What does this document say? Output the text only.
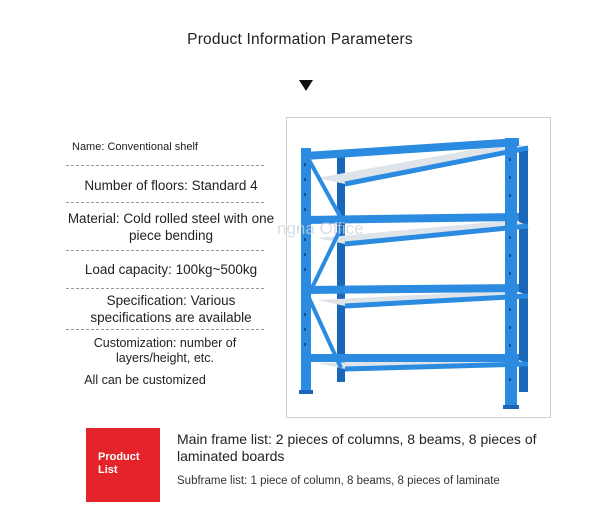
Product Information Parameters
Name: Conventional shelf
Number of floors: Standard 4
Material: Cold rolled steel with one piece bending
Load capacity: 100kg~500kg
Specification: Various specifications are available
Customization: number of layers/height, etc.
All can be customized
ngna Office
Product List
Main frame list: 2 pieces of columns, 8 beams, 8 pieces of laminated boards
Subframe list: 1 piece of column, 8 beams, 8 pieces of laminate
